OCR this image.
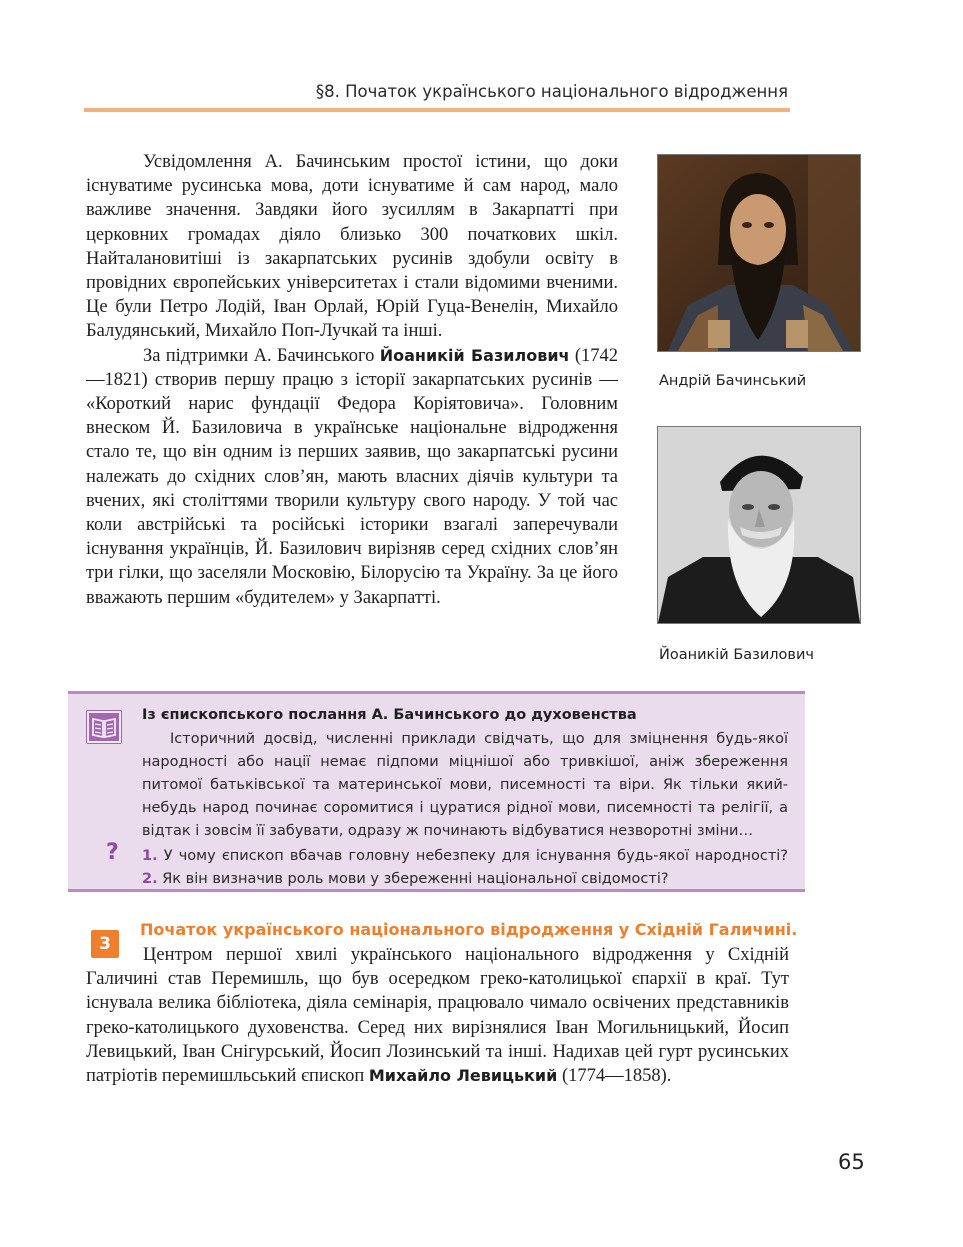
§8. Початок українського національного відродження

Усвідомлення А. Бачинським простої істини, що доки існуватиме русинська мова, доти існуватиме й сам народ, мало важливе значення. Завдяки його зусиллям в Закарпатті при церковних громадах діяло близько 300 початкових шкіл. Найталановитіші із закарпатських русинів здобули освіту в провідних європейських університетах і стали відомими вченими. Це були Петро Лодій, Іван Орлай, Юрій Гуца-Венелін, Михайло Балудянський, Михайло Поп-Лучкай та інші.

За підтримки А. Бачинського Йоаникій Базилович (1742—1821) створив першу працю з історії закарпатських русинів — «Короткий нарис фундації Федора Коріятовича». Головним внеском Й. Базиловича в українське національне відродження стало те, що він одним із перших заявив, що закарпатські русини належать до східних слов’ян, мають власних діячів культури та вчених, які століттями творили культуру свого народу. У той час коли австрійські та російські історики взагалі заперечували існування українців, Й. Базилович вирізняв серед східних слов’ян три гілки, що заселяли Московію, Білорусію та Україну. За це його вважають першим «будителем» у Закарпатті.

Андрій Бачинський
Йоаникій Базилович
Із єпископського послання А. Бачинського до духовенства

Історичний досвід, численні приклади свідчать, що для зміцнення будь-якої народності або нації немає підпоми міцнішої або тривкішої, аніж збереження питомої батьківської та материнської мови, писемності та віри. Як тільки який-небудь народ починає соромитися і цуратися рідної мови, писемності та релігії, а відтак і зовсім її забувати, одразу ж починають відбуватися незворотні зміни…

? 1. У чому єпископ вбачав головну небезпеку для існування будь-якої народності? 2. Як він визначив роль мови у збереженні національної свідомості?

3
Початок українського національного відродження у Східній Галичині.

Центром першої хвилі українського національного відродження у Східній Галичині став Перемишль, що був осередком греко-католицької єпархії в краї. Тут існувала велика бібліотека, діяла семінарія, працювало чимало освічених представників греко-католицького духовенства. Серед них вирізнялися Іван Могильницький, Йосип Левицький, Іван Снігурський, Йосип Лозинський та інші. Надихав цей гурт русинських патріотів перемишльський єпископ Михайло Левицький (1774—1858).

65
